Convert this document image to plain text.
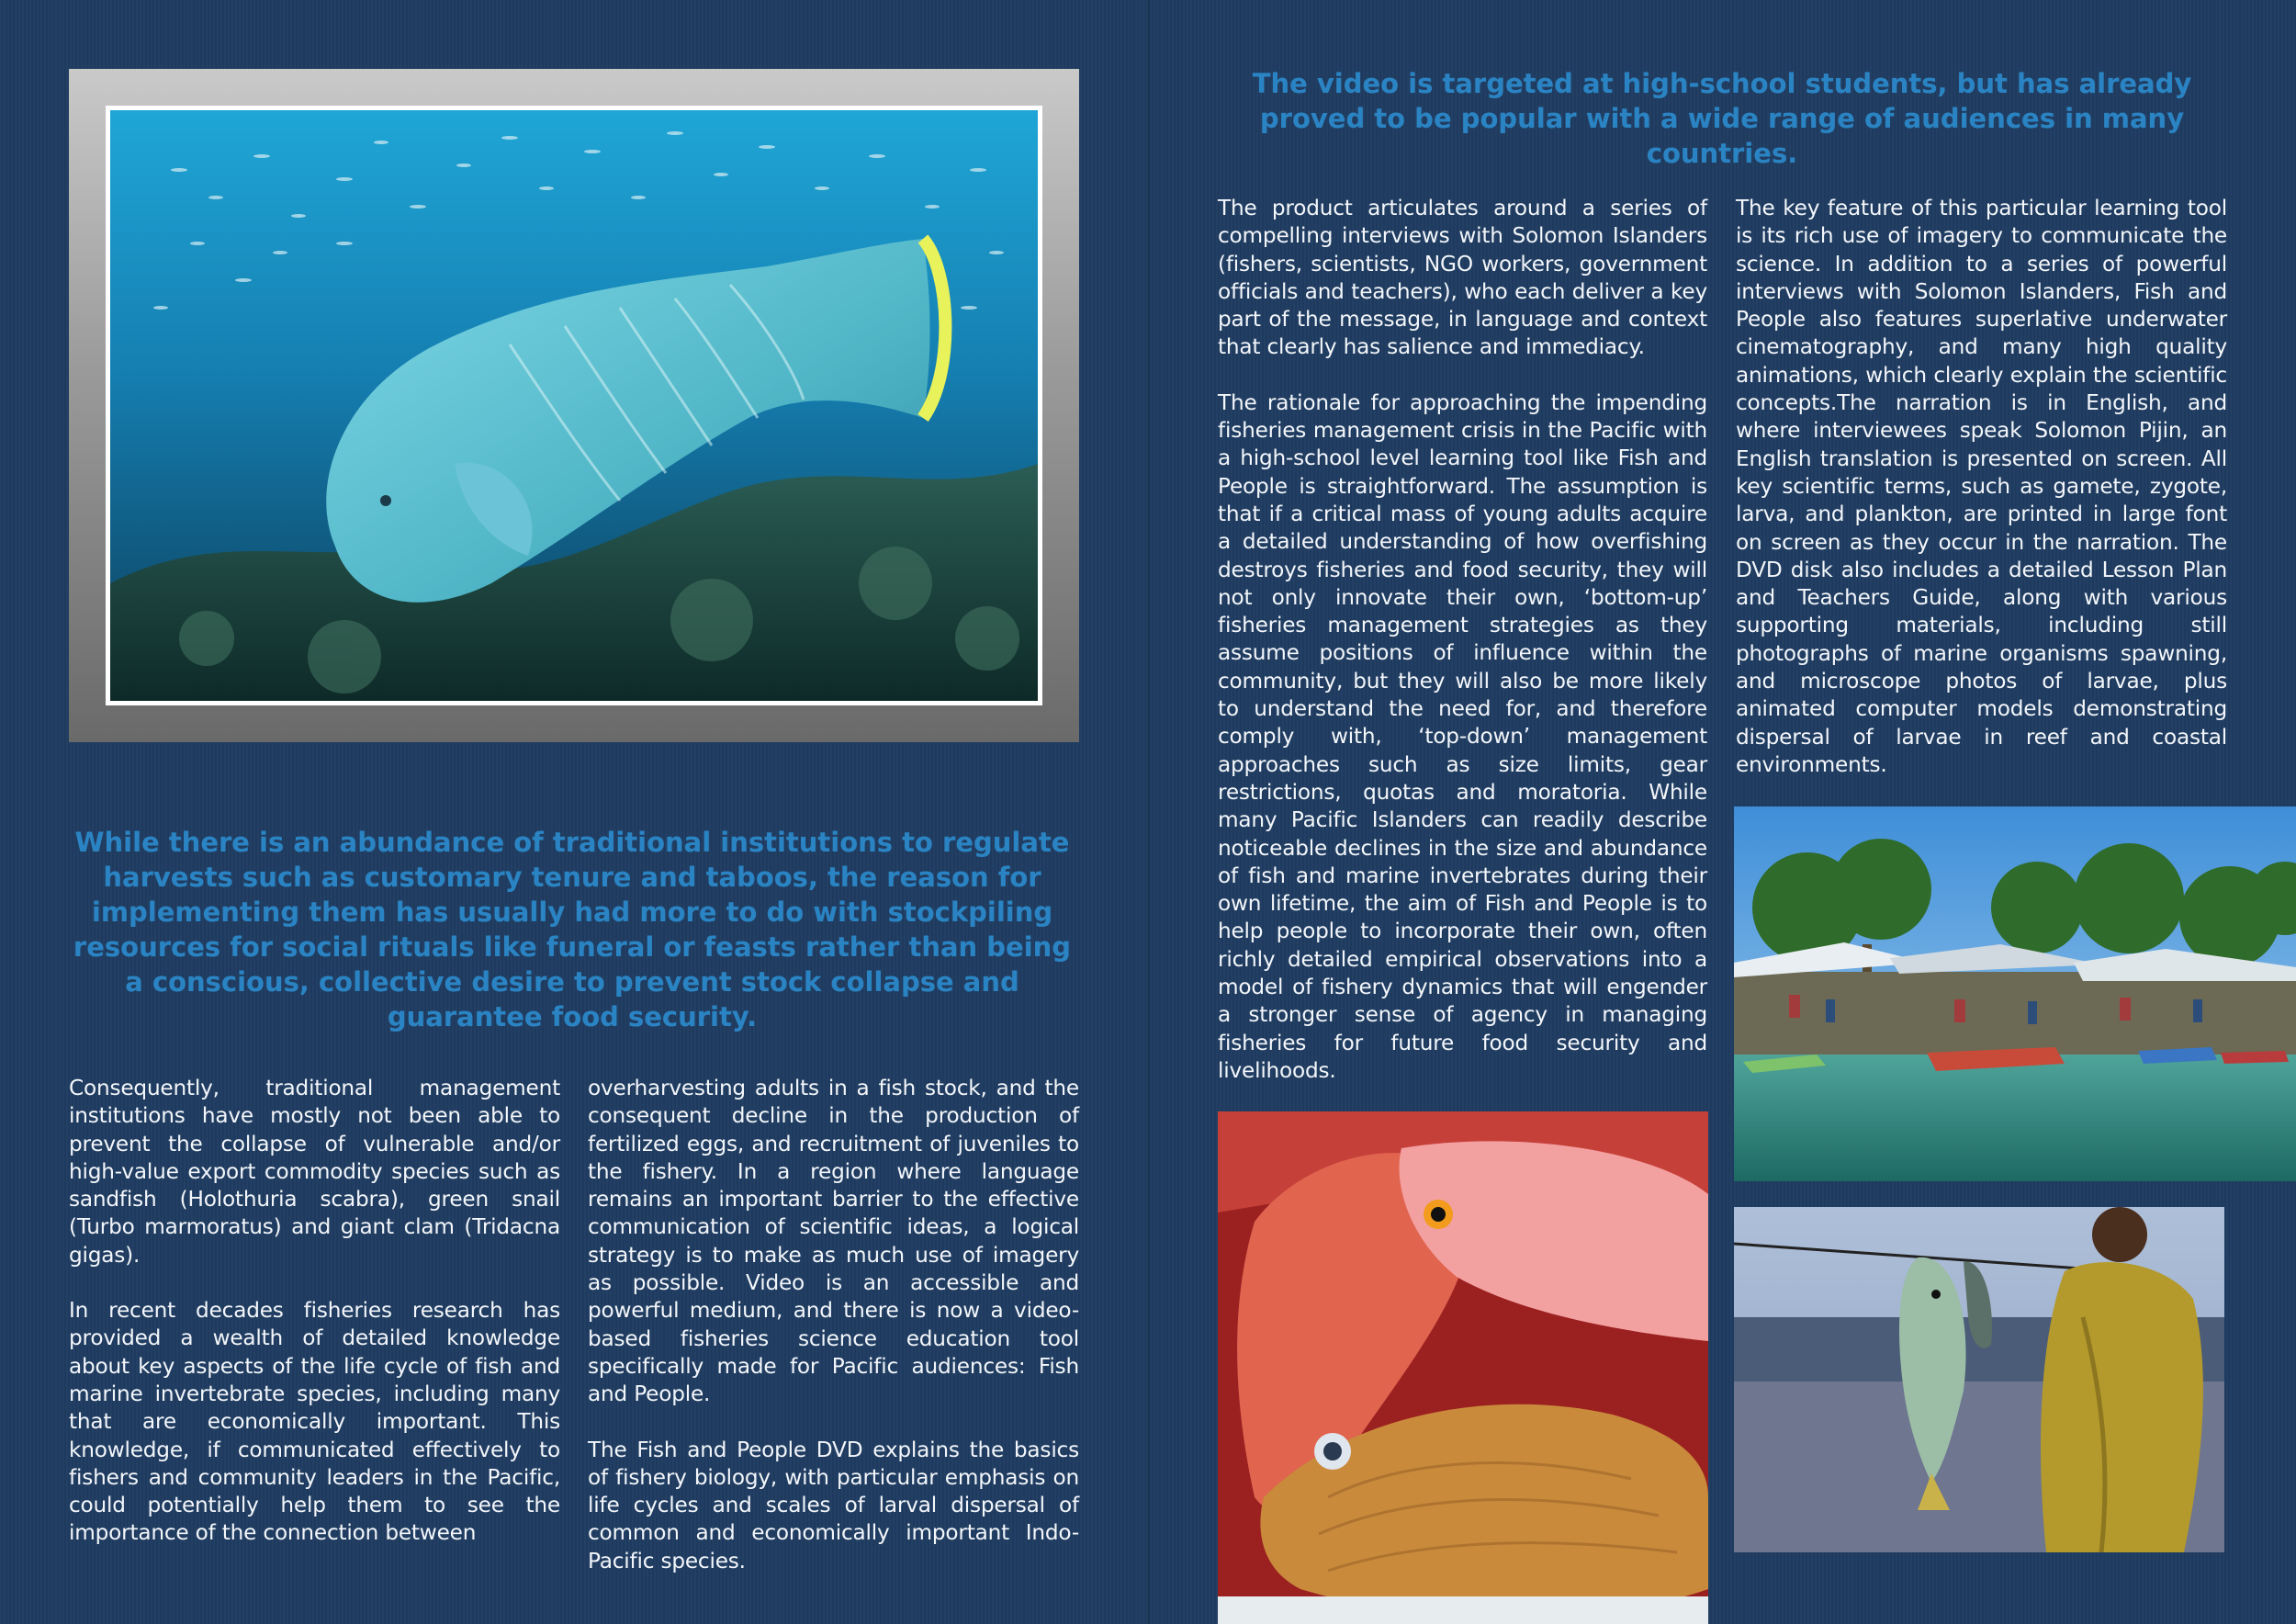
While there is an abundance of traditional institutions to regulate harvests such as customary tenure and taboos, the reason for implementing them has usually had more to do with stockpiling resources for social rituals like funeral or feasts rather than being a conscious, collective desire to prevent stock collapse and guarantee food security.

Consequently, traditional management institutions have mostly not been able to prevent the collapse of vulnerable and/or high-value export commodity species such as sandfish (Holothuria scabra), green snail (Turbo marmoratus) and giant clam (Tridacna gigas).

In recent decades fisheries research has provided a wealth of detailed knowledge about key aspects of the life cycle of fish and marine invertebrate species, including many that are economically important. This knowledge, if communicated effectively to fishers and community leaders in the Pacific, could potentially help them to see the importance of the connection between

overharvesting adults in a fish stock, and the consequent decline in the production of fertilized eggs, and recruitment of juveniles to the fishery. In a region where language remains an important barrier to the effective communication of scientific ideas, a logical strategy is to make as much use of imagery as possible. Video is an accessible and powerful medium, and there is now a video-based fisheries science education tool specifically made for Pacific audiences: Fish and People.

The Fish and People DVD explains the basics of fishery biology, with particular emphasis on life cycles and scales of larval dispersal of common and economically important Indo-Pacific species.

The video is targeted at high-school students, but has already proved to be popular with a wide range of audiences in many countries.

The product articulates around a series of compelling interviews with Solomon Islanders (fishers, scientists, NGO workers, government officials and teachers), who each deliver a key part of the message, in language and context that clearly has salience and immediacy.

The rationale for approaching the impending fisheries management crisis in the Pacific with a high-school level learning tool like Fish and People is straightforward. The assumption is that if a critical mass of young adults acquire a detailed understanding of how overfishing destroys fisheries and food security, they will not only innovate their own, ‘bottom-up’ fisheries management strategies as they assume positions of influence within the community, but they will also be more likely to understand the need for, and therefore comply with, ‘top-down’ management approaches such as size limits, gear restrictions, quotas and moratoria. While many Pacific Islanders can readily describe noticeable declines in the size and abundance of fish and marine invertebrates during their own lifetime, the aim of Fish and People is to help people to incorporate their own, often richly detailed empirical observations into a model of fishery dynamics that will engender a stronger sense of agency in managing fisheries for future food security and livelihoods.

The key feature of this particular learning tool is its rich use of imagery to communicate the science. In addition to a series of powerful interviews with Solomon Islanders, Fish and People also features superlative underwater cinematography, and many high quality animations, which clearly explain the scientific concepts.The narration is in English, and where interviewees speak Solomon Pijin, an English translation is presented on screen. All key scientific terms, such as gamete, zygote, larva, and plankton, are printed in large font on screen as they occur in the narration. The DVD disk also includes a detailed Lesson Plan and Teachers Guide, along with various supporting materials, including still photographs of marine organisms spawning, and microscope photos of larvae, plus animated computer models demonstrating dispersal of larvae in reef and coastal environments.
